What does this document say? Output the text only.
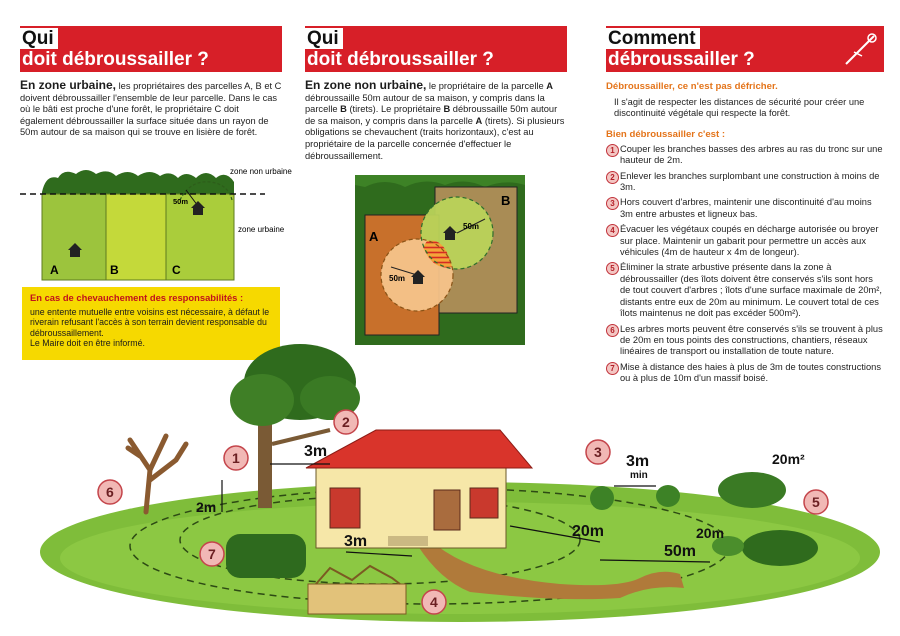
Qui
doit débroussailler ?
En zone urbaine, les propriétaires des parcelles A, B et C doivent débroussailler l'ensemble de leur parcelle. Dans le cas où le bâti est proche d'une forêt, le propriétaire C doit également débroussailler la surface située dans un rayon de 50m autour de sa maison qui se trouve en lisière de forêt.
A	B	C
50m
zone non urbaine
zone urbaine
En cas de chevauchement des responsabilités :
une entente mutuelle entre voisins est nécessaire, à défaut le riverain refusant l'accès à son terrain devient responsable du débroussaillement.
Le Maire doit en être informé.
Qui
doit débroussailler ?
En zone non urbaine, le propriétaire de la parcelle A débroussaille 50m autour de sa maison, y compris dans la parcelle B (tirets). Le propriétaire B débroussaille 50m autour de sa maison, y compris dans la parcelle A (tirets). Si plusieurs obligations se chevauchent (traits horizontaux), c'est au propriétaire de la parcelle concernée d'effectuer le débroussaillement.
A
B
50m
50m
Comment
débroussailler ?
Débroussailler, ce n'est pas défricher.
Il s'agit de respecter les distances de sécurité pour créer une discontinuité végétale qui respecte la forêt.
Bien débroussailler c'est :
1 Couper les branches basses des arbres au ras du tronc sur une hauteur de 2m.
2 Enlever les branches surplombant une construction à moins de 3m.
3 Hors couvert d'arbres, maintenir une discontinuité d'au moins 3m entre arbustes et ligneux bas.
4 Évacuer les végétaux coupés en décharge autorisée ou broyer sur place. Maintenir un gabarit pour permettre un accès aux véhicules (4m de hauteur x 4m de longeur).
5 Éliminer la strate arbustive présente dans la zone à débroussailler (des îlots doivent être conservés s'ils sont hors de tout couvert d'arbres ; îlots d'une surface maximale de 20m², distants entre eux de 20m au minimum. Le couvert total de ces îlots maintenus ne doit pas excéder 500m²).
6 Les arbres morts peuvent être conservés s'ils se trouvent à plus de 20m en tous points des constructions, chantiers, réseaux linéaires de transport ou installation de toute nature.
7 Mise à distance des haies à plus de 3m de toutes constructions ou à plus de 10m d'un massif boisé.
3m
2m
3m
min
20m²
20m	20m
50m
3m
1
2
3
4
5
6
7
